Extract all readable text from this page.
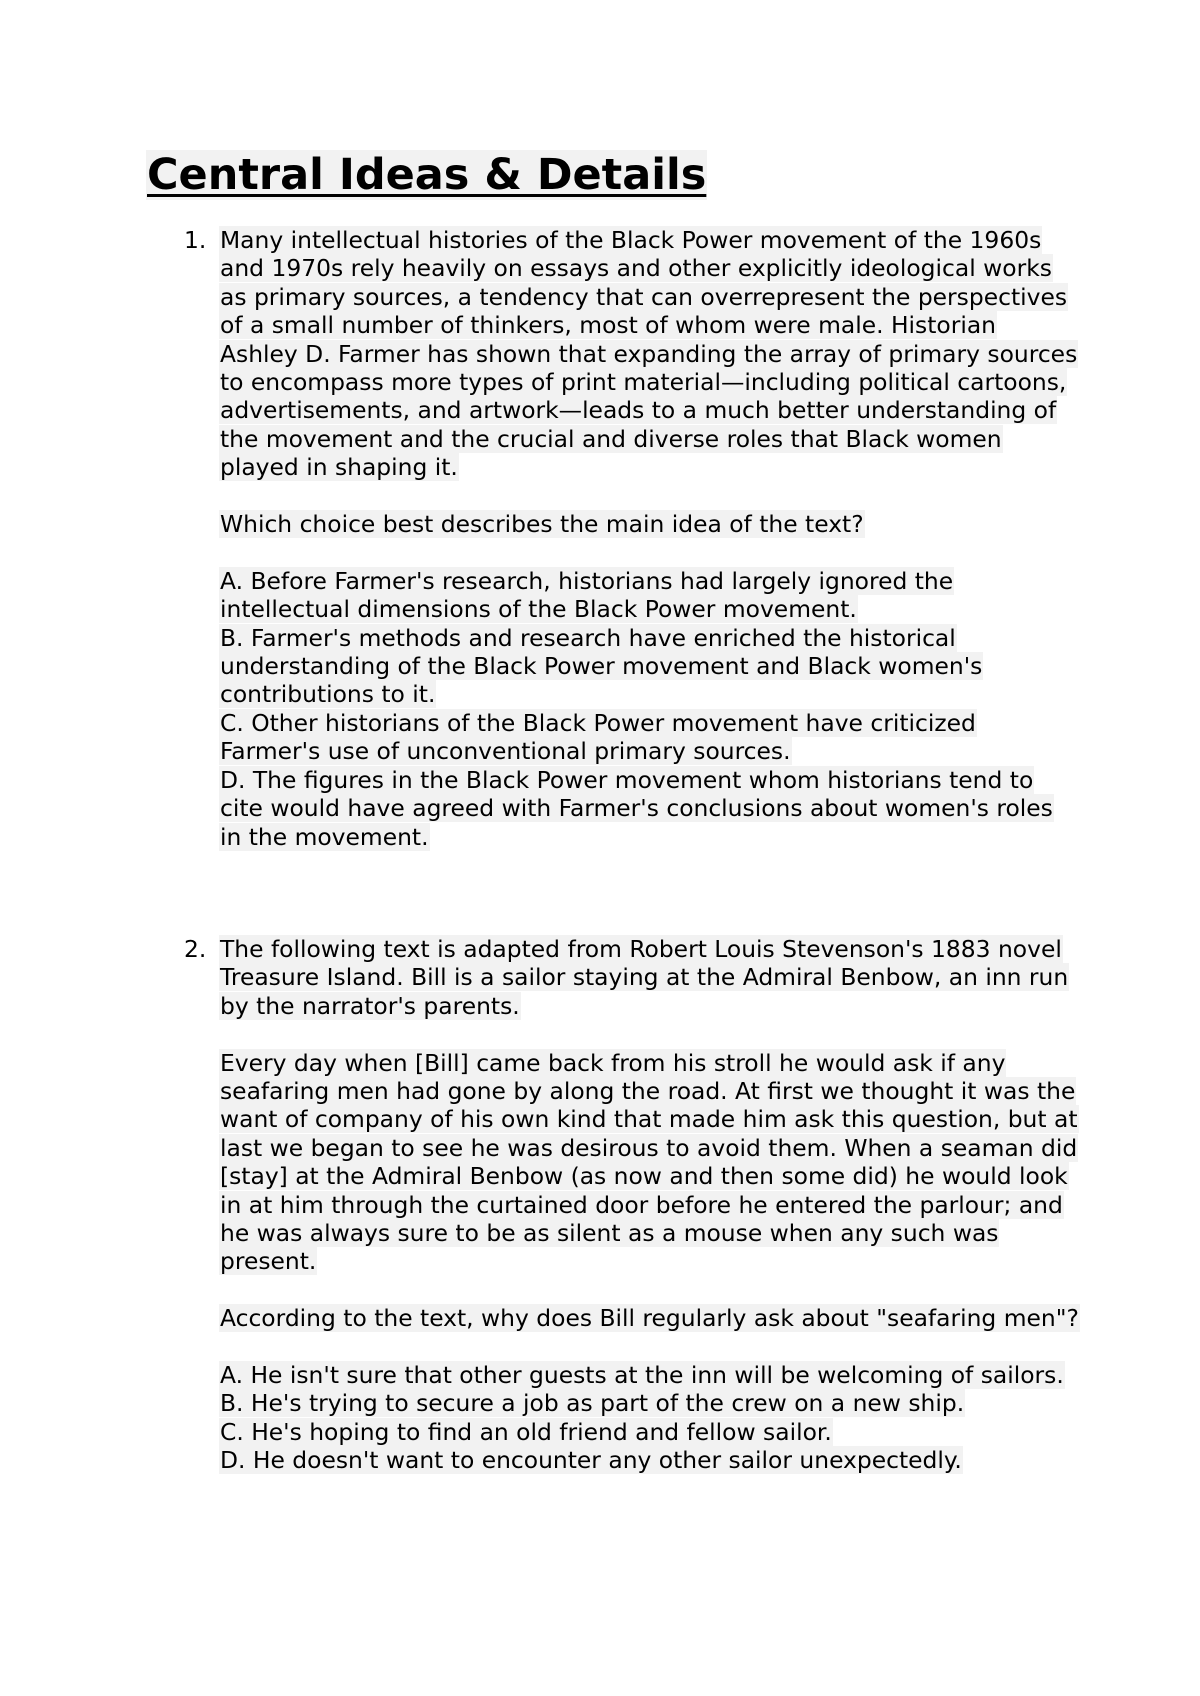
Central Ideas & Details
1. Many intellectual histories of the Black Power movement of the 1960s and 1970s rely heavily on essays and other explicitly ideological works as primary sources, a tendency that can overrepresent the perspectives of a small number of thinkers, most of whom were male. Historian Ashley D. Farmer has shown that expanding the array of primary sources to encompass more types of print material—including political cartoons, advertisements, and artwork—leads to a much better understanding of the movement and the crucial and diverse roles that Black women played in shaping it.

Which choice best describes the main idea of the text?

A. Before Farmer's research, historians had largely ignored the intellectual dimensions of the Black Power movement.

B. Farmer's methods and research have enriched the historical understanding of the Black Power movement and Black women's contributions to it.

C. Other historians of the Black Power movement have criticized Farmer's use of unconventional primary sources.

D. The figures in the Black Power movement whom historians tend to cite would have agreed with Farmer's conclusions about women's roles in the movement.

2. The following text is adapted from Robert Louis Stevenson's 1883 novel Treasure Island. Bill is a sailor staying at the Admiral Benbow, an inn run by the narrator's parents.

Every day when [Bill] came back from his stroll he would ask if any seafaring men had gone by along the road. At first we thought it was the want of company of his own kind that made him ask this question, but at last we began to see he was desirous to avoid them. When a seaman did [stay] at the Admiral Benbow (as now and then some did) he would look in at him through the curtained door before he entered the parlour; and he was always sure to be as silent as a mouse when any such was present.

According to the text, why does Bill regularly ask about "seafaring men"?

A. He isn't sure that other guests at the inn will be welcoming of sailors.

B. He's trying to secure a job as part of the crew on a new ship.

C. He's hoping to find an old friend and fellow sailor.

D. He doesn't want to encounter any other sailor unexpectedly.
